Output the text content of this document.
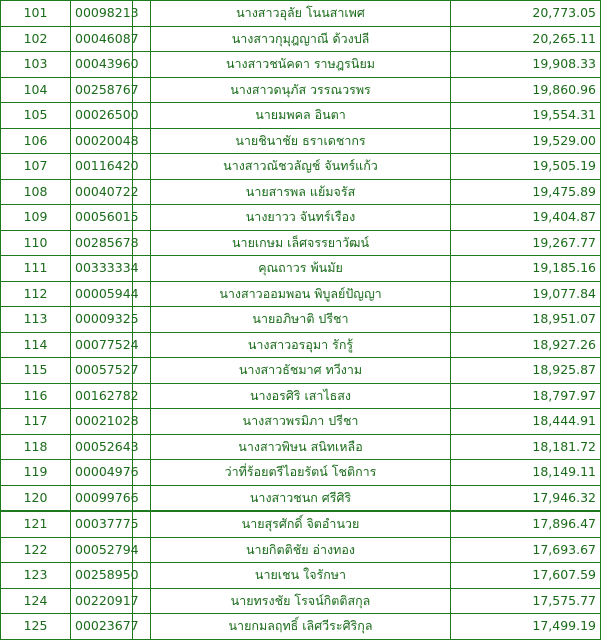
101	00098213		นางสาวอุลัย โนนสาเพศ	20,773.05
102	00046087		นางสาวกุมุฎญาณี ด้วงปลี	20,265.11
103	00043960		นางสาวชนัคดา ราษฎรนิยม	19,908.33
104	00258767		นางสาวดนุภัส วรรณวรพร	19,860.96
105	00026500		นายมพคล อินตา	19,554.31
106	00020048		นายชินาชัย ธราเดชากร	19,529.00
107	00116420		นางสาวณัชวลัญช์ จันทร์แก้ว	19,505.19
108	00040722		นายสารพล แย้มจรัส	19,475.89
109	00056015		นางยาวว จันทร์เรือง	19,404.87
110	00285678		นายเกษม เล็ศจรรยาวัฒน์	19,267.77
111	00333334		คุณถาวร พ้นมัย	19,185.16
112	00005944		นางสาวออมพอน พิบูลย์ปัญญา	19,077.84
113	00009325		นายอภิษาติ ปรีชา	18,951.07
114	00077524		นางสาวอรอุมา รักรู้	18,927.26
115	00057527		นางสาวธัชมาศ ทวีงาม	18,925.87
116	00162782		นางอรศิริ เสาไธสง	18,797.97
117	00021028		นางสาวพรมิภา ปรีชา	18,444.91
118	00052643		นางสาวพิษน สนิทเหลือ	18,181.72
119	00004976		ว่าที่ร้อยตรีไอยรัตน์ โชติการ	18,149.11
120	00099766		นางสาวชนก ศรีศิริ	17,946.32
121	00037775		นายสุรศักดิ์ จิตอำนวย	17,896.47
122	00052794		นายกิตติชัย อ่างทอง	17,693.67
123	00258950		นายเชน ใจรักษา	17,607.59
124	00220917		นายทรงชัย โรจน์กิตติสกุล	17,575.77
125	00023677		นายกมลฤทธิ์ เลิศวีระศิริกุล	17,499.19
